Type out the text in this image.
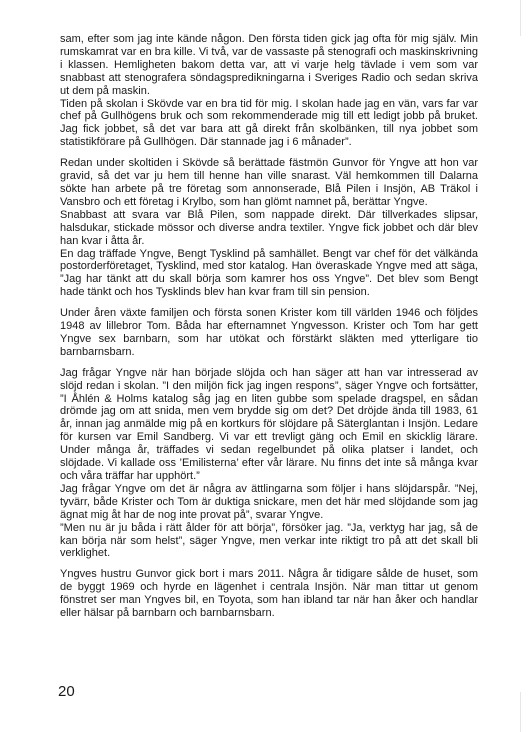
sam, efter som jag inte kände någon. Den första tiden gick jag ofta för mig själv. Min rumskamrat var en bra kille. Vi två, var de vassaste på stenografi och maskinskrivning i klassen. Hemligheten bakom detta var, att vi varje helg tävlade i vem som var snabbast att stenografera söndagspredikningarna i Sveriges Radio och sedan skriva ut dem på maskin.

Tiden på skolan i Skövde var en bra tid för mig. I skolan hade jag en vän, vars far var chef på Gullhögens bruk och som rekommenderade mig till ett ledigt jobb på bruket. Jag fick jobbet, så det var bara att gå direkt från skolbänken, till nya jobbet som statistikförare på Gullhögen. Där stannade jag i 6 månader”.

Redan under skoltiden i Skövde så berättade fästmön Gunvor för Yngve att hon var gravid, så det var ju hem till henne han ville snarast. Väl hemkommen till Dalarna sökte han arbete på tre företag som annonserade, Blå Pilen i Insjön, AB Träkol i Vansbro och ett företag i Krylbo, som han glömt namnet på, berättar Yngve.

Snabbast att svara var Blå Pilen, som nappade direkt. Där tillverkades slipsar, halsdukar, stickade mössor och diverse andra textiler. Yngve fick jobbet och där blev han kvar i åtta år.

En dag träffade Yngve, Bengt Tysklind på samhället. Bengt var chef för det välkända postorderföretaget, Tysklind, med stor katalog. Han överaskade Yngve med att säga, ”Jag har tänkt att du skall börja som kamrer hos oss Yngve”. Det blev som Bengt hade tänkt och hos Tysklinds blev han kvar fram till sin pension.

Under åren växte familjen och första sonen Krister kom till världen 1946 och följdes 1948 av lillebror Tom. Båda har efternamnet Yngvesson. Krister och Tom har gett Yngve sex barnbarn, som har utökat och förstärkt släkten med ytterligare tio barnbarnsbarn.

Jag frågar Yngve när han började slöjda och han säger att han var intresserad av slöjd redan i skolan. ”I den miljön fick jag ingen respons”, säger Yngve och fortsätter, ”I Åhlén & Holms katalog såg jag en liten gubbe som spelade dragspel, en sådan drömde jag om att snida, men vem brydde sig om det? Det dröjde ända till 1983, 61 år, innan jag anmälde mig på en kortkurs för slöjdare på Säterglantan i Insjön. Ledare för kursen var Emil Sandberg. Vi var ett trevligt gäng och Emil en skicklig lärare. Under många år, träffades vi sedan regelbundet på olika platser i landet, och slöjdade. Vi kallade oss ’Emilisterna’ efter vår lärare. Nu finns det inte så många kvar och våra träffar har upphört.”

Jag frågar Yngve om det är några av ättlingarna som följer i hans slöjdarspår. ”Nej, tyvärr, både Krister och Tom är duktiga snickare, men det här med slöjdande som jag ägnat mig åt har de nog inte provat på”, svarar Yngve.

”Men nu är ju båda i rätt ålder för att börja”, försöker jag. ”Ja, verktyg har jag, så de kan börja när som helst”, säger Yngve, men verkar inte riktigt tro på att det skall bli verklighet.

Yngves hustru Gunvor gick bort i mars 2011. Några år tidigare sålde de huset, som de byggt 1969 och hyrde en lägenhet i centrala Insjön. När man tittar ut genom fönstret ser man Yngves bil, en Toyota, som han ibland tar när han åker och handlar eller hälsar på barnbarn och barnbarnsbarn.

20
